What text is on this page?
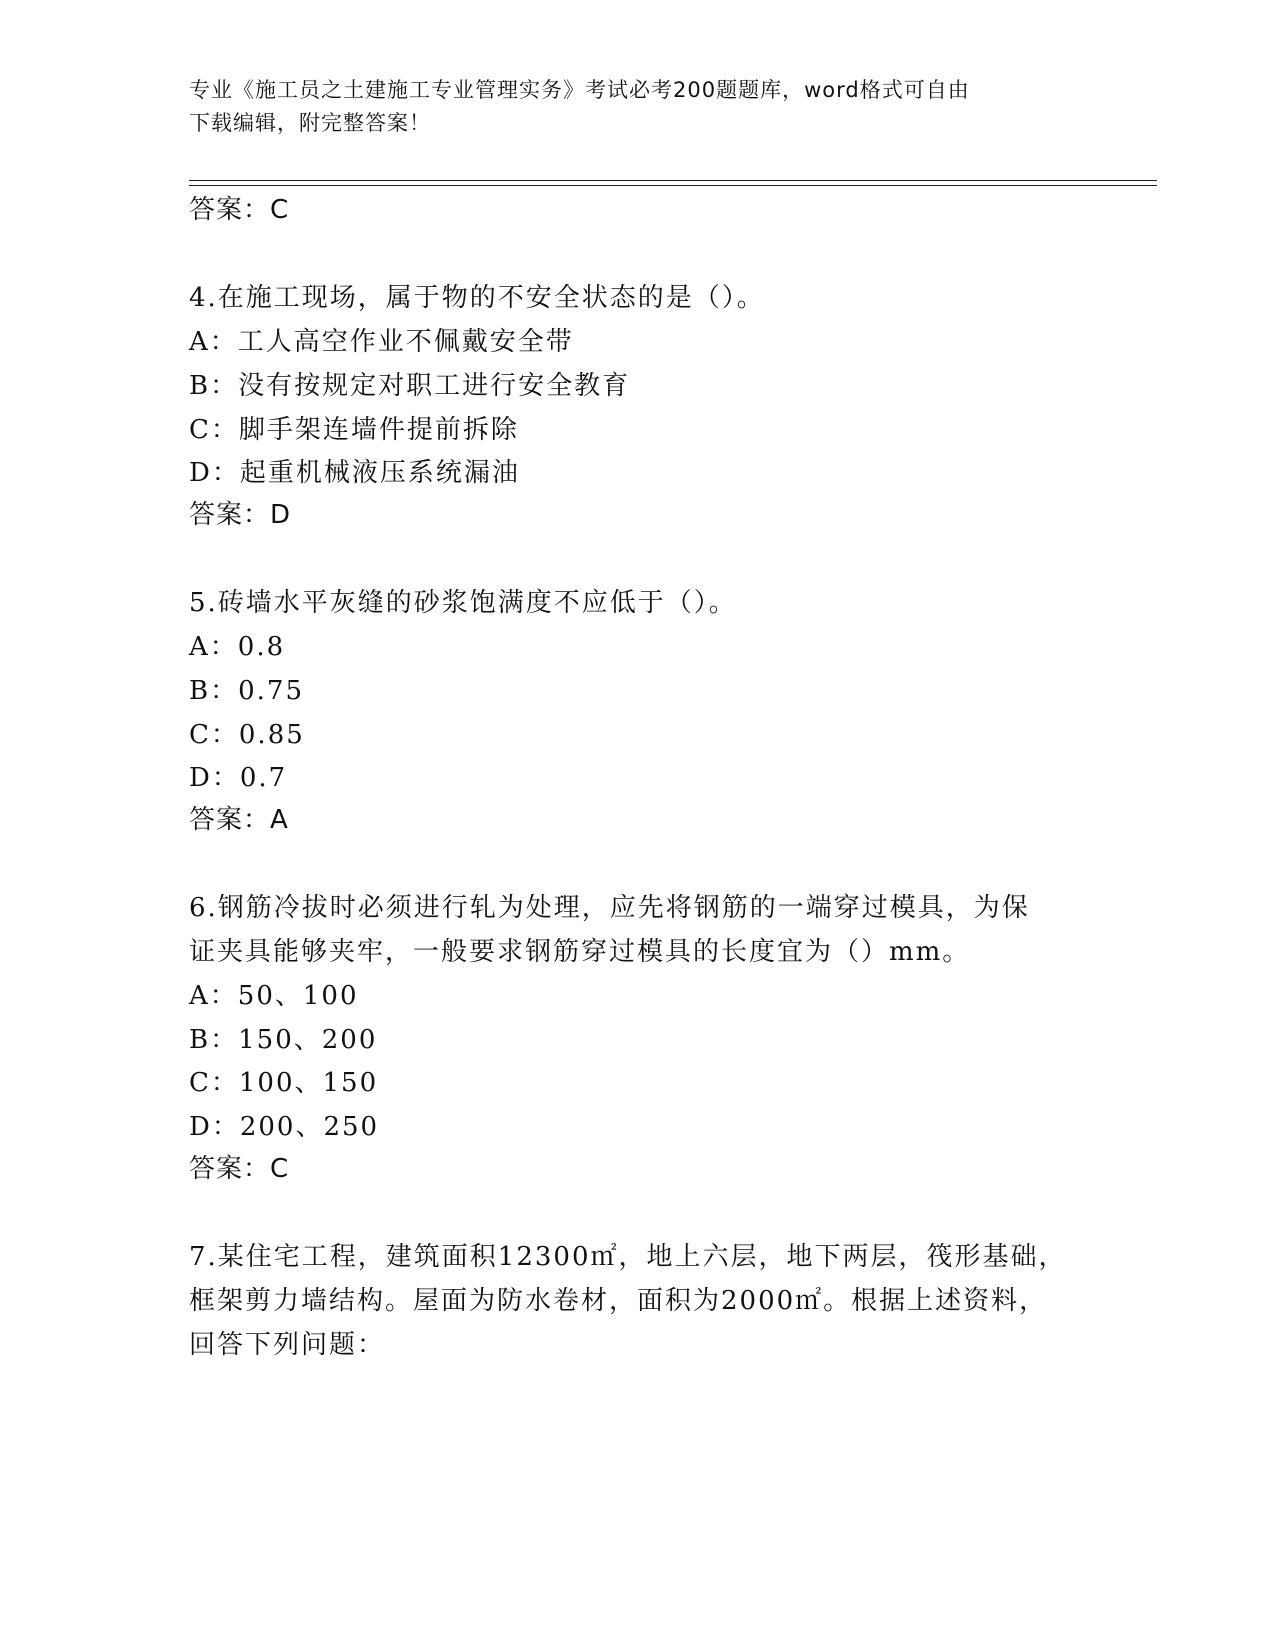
专业《施工员之土建施工专业管理实务》考试必考200题题库，word格式可自由
下载编辑，附完整答案！
答案：C
4.在施工现场，属于物的不安全状态的是（）。
A：工人高空作业不佩戴安全带
B：没有按规定对职工进行安全教育
C：脚手架连墙件提前拆除
D：起重机械液压系统漏油
答案：D
5.砖墙水平灰缝的砂浆饱满度不应低于（）。
A：0.8
B：0.75
C：0.85
D：0.7
答案：A
6.钢筋冷拔时必须进行轧为处理，应先将钢筋的一端穿过模具，为保
证夹具能够夹牢，一般要求钢筋穿过模具的长度宜为（）mm。
A：50、100
B：150、200
C：100、150
D：200、250
答案：C
7.某住宅工程，建筑面积12300㎡，地上六层，地下两层，筏形基础，
框架剪力墙结构。屋面为防水卷材，面积为2000㎡。根据上述资料，
回答下列问题：
